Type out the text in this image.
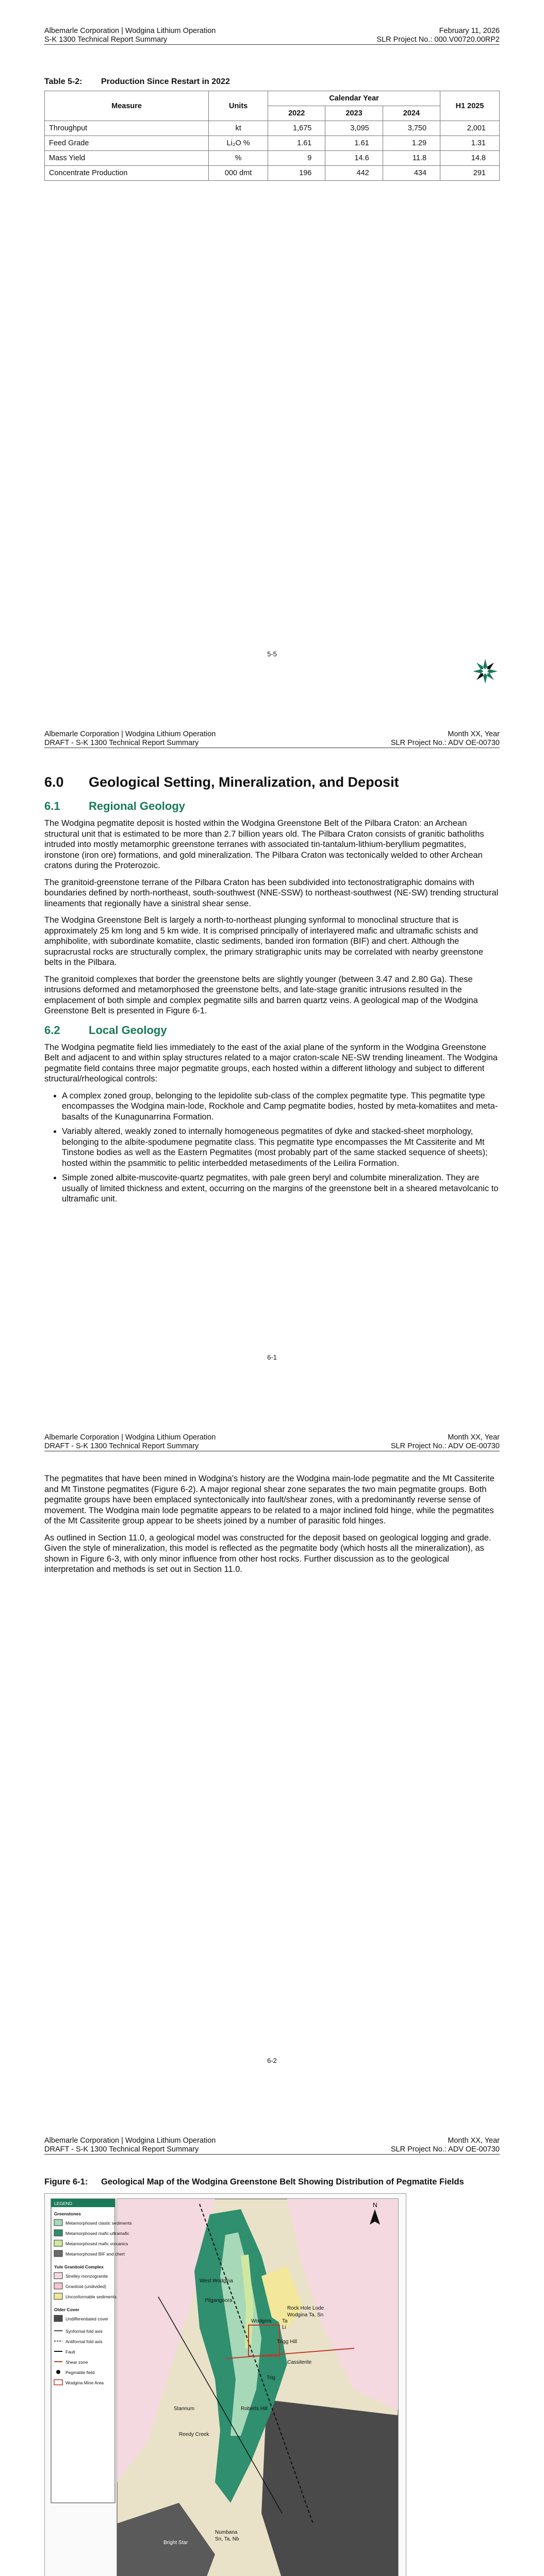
Albemarle Corporation | Wodgina Lithium Operation
S-K 1300 Technical Report Summary
February 11, 2026
SLR Project No.: 000.V00720.00RP2
Table 5-2: Production Since Restart in 2022
Measure	Units	Calendar Year			H1 2025
		2022	2023	2024	
Throughput	kt	1,675	3,095	3,750	2,001
Feed Grade	Li₂O %	1.61	1.61	1.29	1.31
Mass Yield	%	9	14.6	11.8	14.8
Concentrate Production	000 dmt	196	442	434	291
5-5
Albemarle Corporation | Wodgina Lithium Operation
DRAFT - S-K 1300 Technical Report Summary
Month XX, Year
SLR Project No.: ADV OE-00730
6.0 Geological Setting, Mineralization, and Deposit
6.1	Regional Geology

The Wodgina pegmatite deposit is hosted within the Wodgina Greenstone Belt of the Pilbara Craton: an Archean structural unit that is estimated to be more than 2.7 billion years old. The Pilbara Craton consists of granitic batholiths intruded into mostly metamorphic greenstone terranes with associated tin-tantalum-lithium-beryllium pegmatites, ironstone (iron ore) formations, and gold mineralization. The Pilbara Craton was tectonically welded to other Archean cratons during the Proterozoic.

The granitoid-greenstone terrane of the Pilbara Craton has been subdivided into tectonostratigraphic domains with boundaries defined by north-northeast, south-southwest (NNE-SSW) to northeast-southwest (NE-SW) trending structural lineaments that regionally have a sinistral shear sense.

The Wodgina Greenstone Belt is largely a north-to-northeast plunging synformal to monoclinal structure that is approximately 25 km long and 5 km wide. It is comprised principally of interlayered mafic and ultramafic schists and amphibolite, with subordinate komatiite, clastic sediments, banded iron formation (BIF) and chert. Although the supracrustal rocks are structurally complex, the primary stratigraphic units may be correlated with nearby greenstone belts in the Pilbara.

The granitoid complexes that border the greenstone belts are slightly younger (between 3.47 and 2.80 Ga). These intrusions deformed and metamorphosed the greenstone belts, and late-stage granitic intrusions resulted in the emplacement of both simple and complex pegmatite sills and barren quartz veins. A geological map of the Wodgina Greenstone Belt is presented in Figure 6-1.

6.2	Local Geology

The Wodgina pegmatite field lies immediately to the east of the axial plane of the synform in the Wodgina Greenstone Belt and adjacent to and within splay structures related to a major craton-scale NE-SW trending lineament. The Wodgina pegmatite field contains three major pegmatite groups, each hosted within a different lithology and subject to different structural/rheological controls:

• A complex zoned group, belonging to the lepidolite sub-class of the complex pegmatite type. This pegmatite type encompasses the Wodgina main-lode, Rockhole and Camp pegmatite bodies, hosted by meta-komatiites and meta-basalts of the Kunagunarrina Formation.
• Variably altered, weakly zoned to internally homogeneous pegmatites of dyke and stacked-sheet morphology, belonging to the albite-spodumene pegmatite class. This pegmatite type encompasses the Mt Cassiterite and Mt Tinstone bodies as well as the Eastern Pegmatites (most probably part of the same stacked sequence of sheets); hosted within the psammitic to pelitic interbedded metasediments of the Leilira Formation.
• Simple zoned albite-muscovite-quartz pegmatites, with pale green beryl and columbite mineralization. They are usually of limited thickness and extent, occurring on the margins of the greenstone belt in a sheared metavolcanic to ultramafic unit.
6-1
Albemarle Corporation | Wodgina Lithium Operation
DRAFT - S-K 1300 Technical Report Summary
Month XX, Year
SLR Project No.: ADV OE-00730

The pegmatites that have been mined in Wodgina's history are the Wodgina main-lode pegmatite and the Mt Cassiterite and Mt Tinstone pegmatites (Figure 6-2). A major regional shear zone separates the two main pegmatite groups. Both pegmatite groups have been emplaced syntectonically into fault/shear zones, with a predominantly reverse sense of movement. The Wodgina main lode pegmatite appears to be related to a major inclined fold hinge, while the pegmatites of the Mt Cassiterite group appear to be sheets joined by a number of parasitic fold hinges.

As outlined in Section 11.0, a geological model was constructed for the deposit based on geological logging and grade. Given the style of mineralization, this model is reflected as the pegmatite body (which hosts all the mineralization), as shown in Figure 6-3, with only minor influence from other host rocks. Further discussion as to the geological interpretation and methods is set out in Section 11.0.

6-2
Albemarle Corporation | Wodgina Lithium Operation
DRAFT - S-K 1300 Technical Report Summary
Month XX, Year
SLR Project No.: ADV OE-00730
Figure 6-1:	Geological Map of the Wodgina Greenstone Belt Showing Distribution of Pegmatite Fields
West Wodgina
Pilgangoora
Rock Hole Lode
Wodgina Ta, Sn
Trigg Hill
Cassiterite
Stannum
Reedy Creek
Roberts Hill
Trig
Numbana
Sn, Ta, Nb
Bright Star
Wodgina Ta
Li
N
LEGEND
Greenstones
Metamorphosed clastic sediments
Metamorphosed mafic-ultramafic
Metamorphosed mafic volcanics
Metamorphosed BIF and chert
Yule Granitoid Complex
Strelley monzogranite
Granitoid (undivided)
Unconformable sediments
Older Cover
Undifferentiated cover
Synformal fold axis
Antiformal fold axis
Fault
Shear zone
Pegmatite field
Wodgina Mine Area
